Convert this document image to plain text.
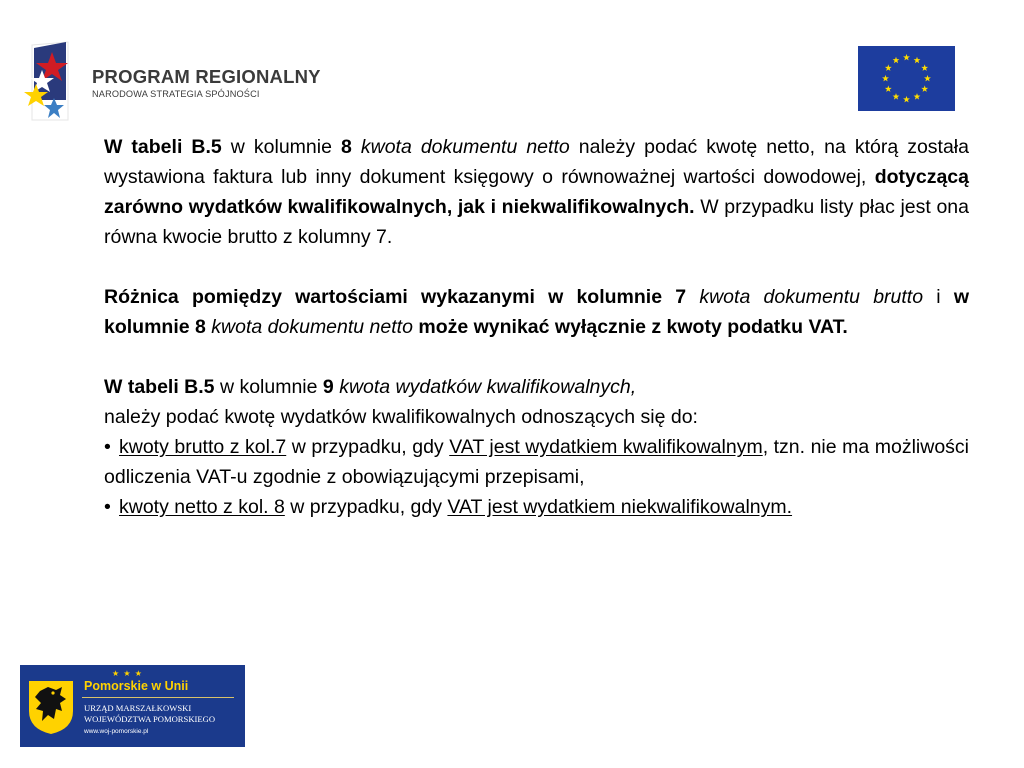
PROGRAM REGIONALNY
NARODOWA STRATEGIA SPÓJNOŚCI

W tabeli B.5 w kolumnie 8 kwota dokumentu netto należy podać kwotę netto, na którą została wystawiona faktura lub inny dokument księgowy o równoważnej wartości dowodowej, dotyczącą zarówno wydatków kwalifikowalnych, jak i niekwalifikowalnych. W przypadku listy płac jest ona równa kwocie brutto z kolumny 7.

Różnica pomiędzy wartościami wykazanymi w kolumnie 7 kwota dokumentu brutto i w kolumnie 8 kwota dokumentu netto może wynikać wyłącznie z kwoty podatku VAT.

W tabeli B.5 w kolumnie 9 kwota wydatków kwalifikowalnych,

należy podać kwotę wydatków kwalifikowalnych odnoszących się do:

• kwoty brutto z kol.7 w przypadku, gdy VAT jest wydatkiem kwalifikowalnym, tzn. nie ma możliwości odliczenia VAT-u zgodnie z obowiązującymi przepisami,

• kwoty netto z kol. 8 w przypadku, gdy VAT jest wydatkiem niekwalifikowalnym.

★ ★ ★
Pomorskie w Unii
URZĄD MARSZAŁKOWSKI
WOJEWÓDZTWA POMORSKIEGO
www.woj-pomorskie.pl
